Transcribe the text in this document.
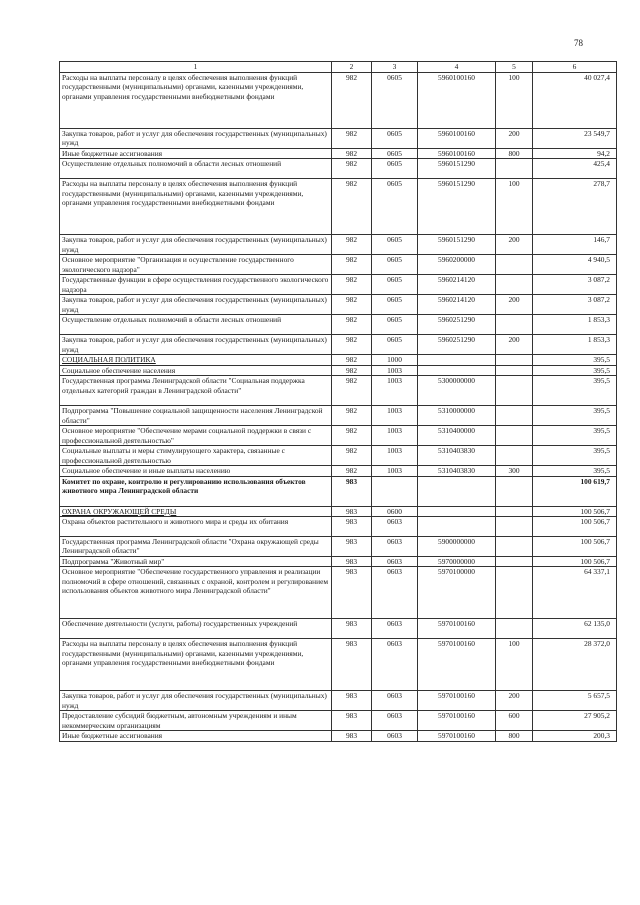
78
1	2	3	4	5	6
Расходы на выплаты персоналу в целях обеспечения выполнения функций государственными (муниципальными) органами, казенными учреждениями, органами управления государственными внебюджетными фондами	982	0605	5960100160	100	40 027,4
Закупка товаров, работ и услуг для обеспечения государственных (муниципальных) нужд	982	0605	5960100160	200	23 549,7
Иные бюджетные ассигнования	982	0605	5960100160	800	94,2
Осуществление отдельных полномочий в области лесных отношений	982	0605	5960151290		425,4
Расходы на выплаты персоналу в целях обеспечения выполнения функций государственными (муниципальными) органами, казенными учреждениями, органами управления государственными внебюджетными фондами	982	0605	5960151290	100	278,7
Закупка товаров, работ и услуг для обеспечения государственных (муниципальных) нужд	982	0605	5960151290	200	146,7
Основное мероприятие "Организация и осуществление государственного экологического надзора"	982	0605	5960200000		4 940,5
Государственные функции в сфере осуществления государственного экологического надзора	982	0605	5960214120		3 087,2
Закупка товаров, работ и услуг для обеспечения государственных (муниципальных) нужд	982	0605	5960214120	200	3 087,2
Осуществление отдельных полномочий в области лесных отношений	982	0605	5960251290		1 853,3
Закупка товаров, работ и услуг для обеспечения государственных (муниципальных) нужд	982	0605	5960251290	200	1 853,3
СОЦИАЛЬНАЯ ПОЛИТИКА	982	1000			395,5
Социальное обеспечение населения	982	1003			395,5
Государственная программа Ленинградской области "Социальная поддержка отдельных категорий граждан в Ленинградской области"	982	1003	5300000000		395,5
Подпрограмма "Повышение социальной защищенности населения Ленинградской области"	982	1003	5310000000		395,5
Основное мероприятие "Обеспечение мерами социальной поддержки в связи с профессиональной деятельностью"	982	1003	5310400000		395,5
Социальные выплаты и меры стимулирующего характера, связанные с профессиональной деятельностью	982	1003	5310403830		395,5
Социальное обеспечение и иные выплаты населению	982	1003	5310403830	300	395,5
Комитет по охране, контролю и регулированию использования объектов животного мира Ленинградской области	983				100 619,7
ОХРАНА ОКРУЖАЮЩЕЙ СРЕДЫ	983	0600			100 506,7
Охрана объектов растительного и животного мира и среды их обитания	983	0603			100 506,7
Государственная программа Ленинградской области "Охрана окружающей среды Ленинградской области"	983	0603	5900000000		100 506,7
Подпрограмма "Животный мир"	983	0603	5970000000		100 506,7
Основное мероприятие "Обеспечение государственного управления и реализации полномочий в сфере отношений, связанных с охраной, контролем и регулированием использования объектов животного мира Ленинградской области"	983	0603	5970100000		64 337,1
Обеспечение деятельности (услуги, работы) государственных учреждений	983	0603	5970100160		62 135,0
Расходы на выплаты персоналу в целях обеспечения выполнения функций государственными (муниципальными) органами, казенными учреждениями, органами управления государственными внебюджетными фондами	983	0603	5970100160	100	28 372,0
Закупка товаров, работ и услуг для обеспечения государственных (муниципальных) нужд	983	0603	5970100160	200	5 657,5
Предоставление субсидий бюджетным, автономным учреждениям и иным некоммерческим организациям	983	0603	5970100160	600	27 905,2
Иные бюджетные ассигнования	983	0603	5970100160	800	200,3
